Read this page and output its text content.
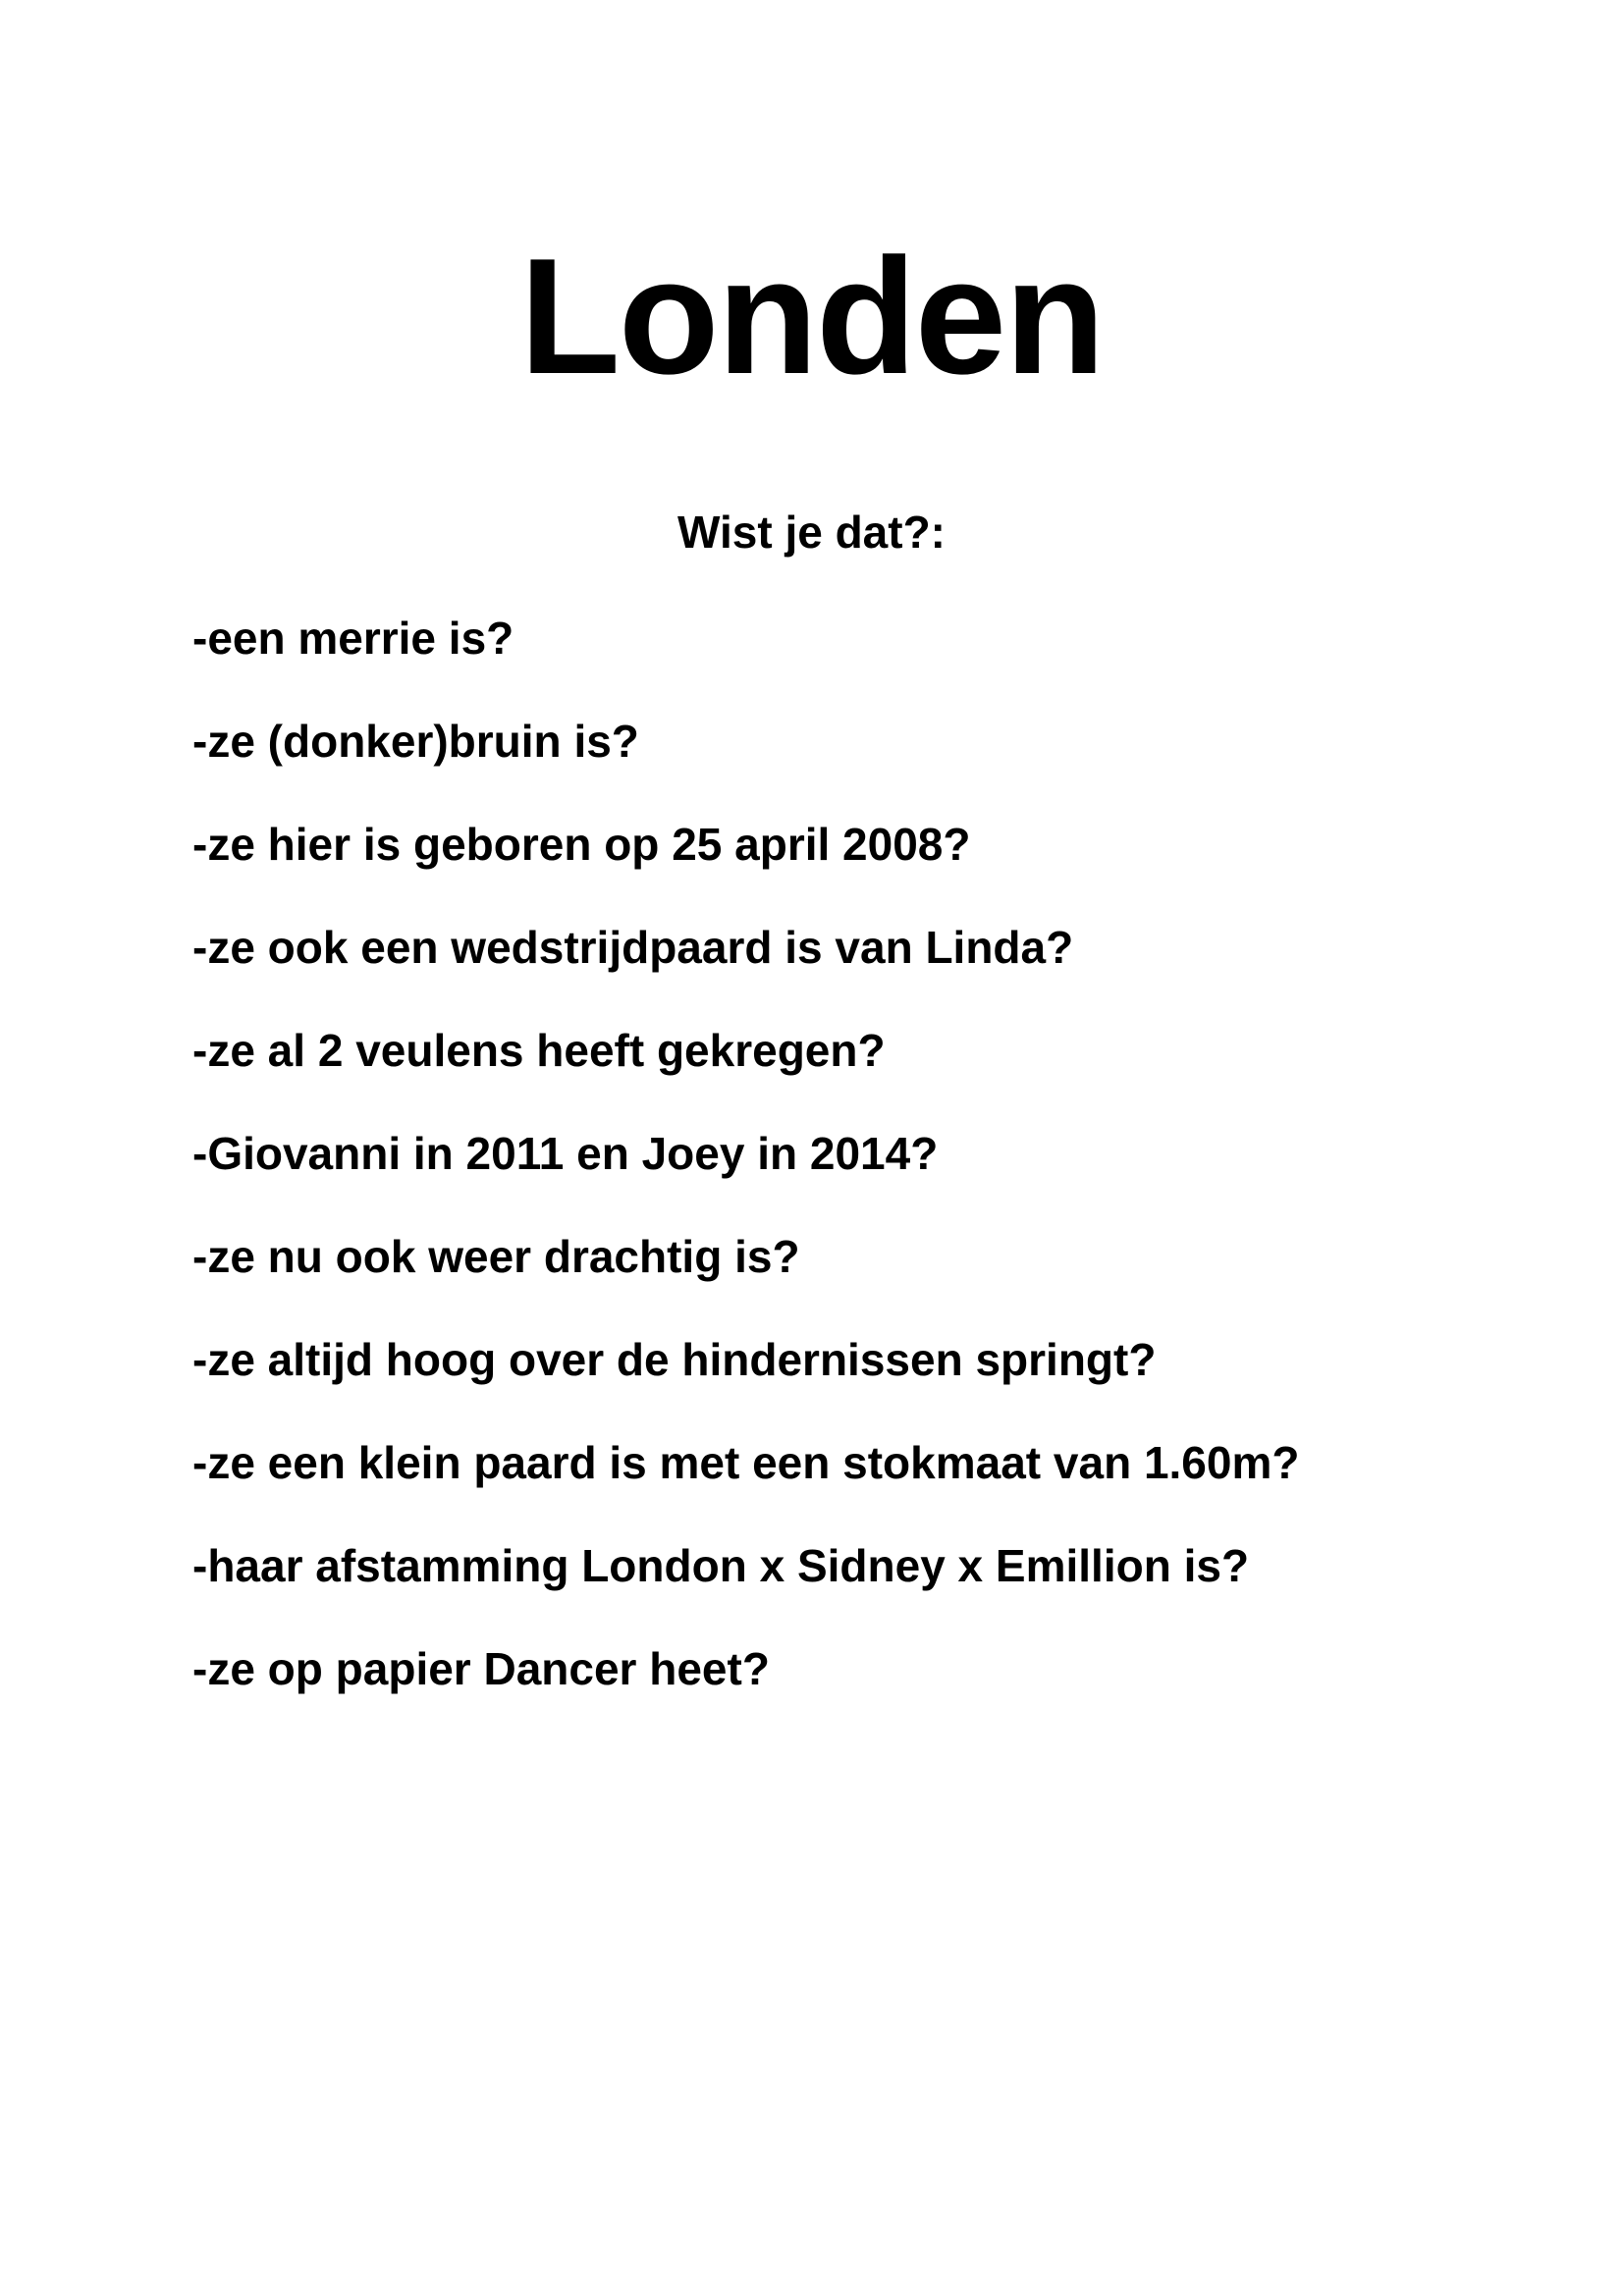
Londen
Wist je dat?:
-een merrie is?
-ze (donker)bruin is?
-ze hier is geboren op 25 april 2008?
-ze ook een wedstrijdpaard is van Linda?
-ze al 2 veulens heeft gekregen?
-Giovanni in 2011 en Joey in 2014?
-ze nu ook weer drachtig is?
-ze altijd hoog over de hindernissen springt?
-ze een klein paard is met een stokmaat van 1.60m?
-haar afstamming London x Sidney x Emillion is?
-ze op papier Dancer heet?
